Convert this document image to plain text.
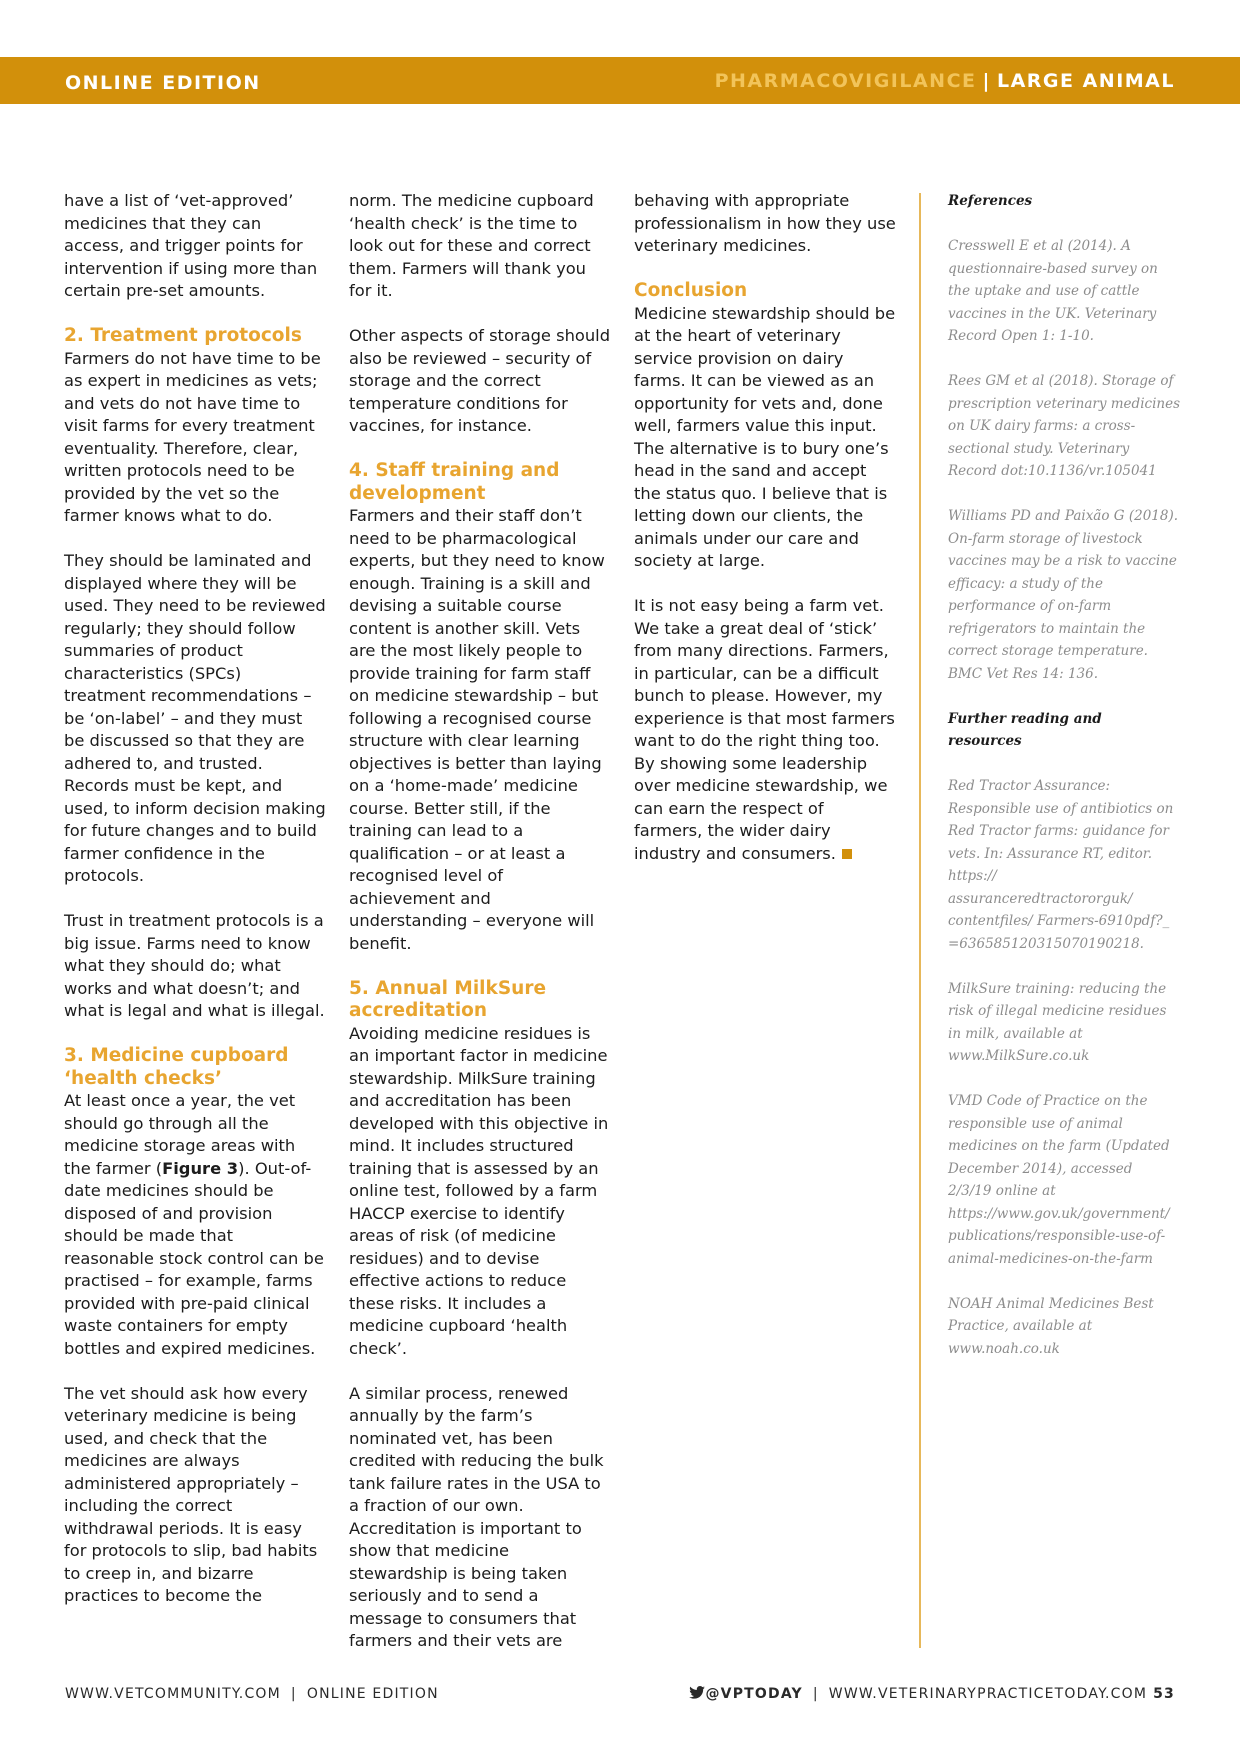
ONLINE EDITION	PHARMACOVIGILANCE | LARGE ANIMAL

have a list of ‘vet-approved’ medicines that they can access, and trigger points for intervention if using more than certain pre-set amounts.

2. Treatment protocols

Farmers do not have time to be as expert in medicines as vets; and vets do not have time to visit farms for every treatment eventuality. Therefore, clear, written protocols need to be provided by the vet so the farmer knows what to do.

They should be laminated and displayed where they will be used. They need to be reviewed regularly; they should follow summaries of product characteristics (SPCs) treatment recommendations – be ‘on-label’ – and they must be discussed so that they are adhered to, and trusted. Records must be kept, and used, to inform decision making for future changes and to build farmer confidence in the protocols.

Trust in treatment protocols is a big issue. Farms need to know what they should do; what works and what doesn’t; and what is legal and what is illegal.

3. Medicine cupboard ‘health checks’

At least once a year, the vet should go through all the medicine storage areas with the farmer (Figure 3). Out-of-date medicines should be disposed of and provision should be made that reasonable stock control can be practised – for example, farms provided with pre-paid clinical waste containers for empty bottles and expired medicines.

The vet should ask how every veterinary medicine is being used, and check that the medicines are always administered appropriately – including the correct withdrawal periods. It is easy for protocols to slip, bad habits to creep in, and bizarre practices to become the

norm. The medicine cupboard ‘health check’ is the time to look out for these and correct them. Farmers will thank you for it.

Other aspects of storage should also be reviewed – security of storage and the correct temperature conditions for vaccines, for instance.

4. Staff training and development

Farmers and their staff don’t need to be pharmacological experts, but they need to know enough. Training is a skill and devising a suitable course content is another skill. Vets are the most likely people to provide training for farm staff on medicine stewardship – but following a recognised course structure with clear learning objectives is better than laying on a ‘home-made’ medicine course. Better still, if the training can lead to a qualification – or at least a recognised level of achievement and understanding – everyone will benefit.

5. Annual MilkSure accreditation

Avoiding medicine residues is an important factor in medicine stewardship. MilkSure training and accreditation has been developed with this objective in mind. It includes structured training that is assessed by an online test, followed by a farm HACCP exercise to identify areas of risk (of medicine residues) and to devise effective actions to reduce these risks. It includes a medicine cupboard ‘health check’.

A similar process, renewed annually by the farm’s nominated vet, has been credited with reducing the bulk tank failure rates in the USA to a fraction of our own. Accreditation is important to show that medicine stewardship is being taken seriously and to send a message to consumers that farmers and their vets are

behaving with appropriate professionalism in how they use veterinary medicines.

Conclusion

Medicine stewardship should be at the heart of veterinary service provision on dairy farms. It can be viewed as an opportunity for vets and, done well, farmers value this input. The alternative is to bury one’s head in the sand and accept the status quo. I believe that is letting down our clients, the animals under our care and society at large.

It is not easy being a farm vet. We take a great deal of ‘stick’ from many directions. Farmers, in particular, can be a difficult bunch to please. However, my experience is that most farmers want to do the right thing too. By showing some leadership over medicine stewardship, we can earn the respect of farmers, the wider dairy industry and consumers.

References

Cresswell E et al (2014). A questionnaire-based survey on the uptake and use of cattle vaccines in the UK. Veterinary Record Open 1: 1-10.

Rees GM et al (2018). Storage of prescription veterinary medicines on UK dairy farms: a cross-sectional study. Veterinary Record dot:10.1136/vr.105041

Williams PD and Paixão G (2018). On-farm storage of livestock vaccines may be a risk to vaccine efficacy: a study of the performance of on-farm refrigerators to maintain the correct storage temperature. BMC Vet Res 14: 136.

Further reading and resources

Red Tractor Assurance: Responsible use of antibiotics on Red Tractor farms: guidance for vets. In: Assurance RT, editor. https:// assuranceredtractororguk/ contentfiles/ Farmers-6910pdf?_ =636585120315070190218.

MilkSure training: reducing the risk of illegal medicine residues in milk, available at www.MilkSure.co.uk

VMD Code of Practice on the responsible use of animal medicines on the farm (Updated December 2014), accessed 2/3/19 online at https://www.gov.uk/government/ publications/responsible-use-of-animal-medicines-on-the-farm

NOAH Animal Medicines Best Practice, available at www.noah.co.uk

WWW.VETCOMMUNITY.COM | ONLINE EDITION	@VPTODAY | WWW.VETERINARYPRACTICETODAY.COM 53
